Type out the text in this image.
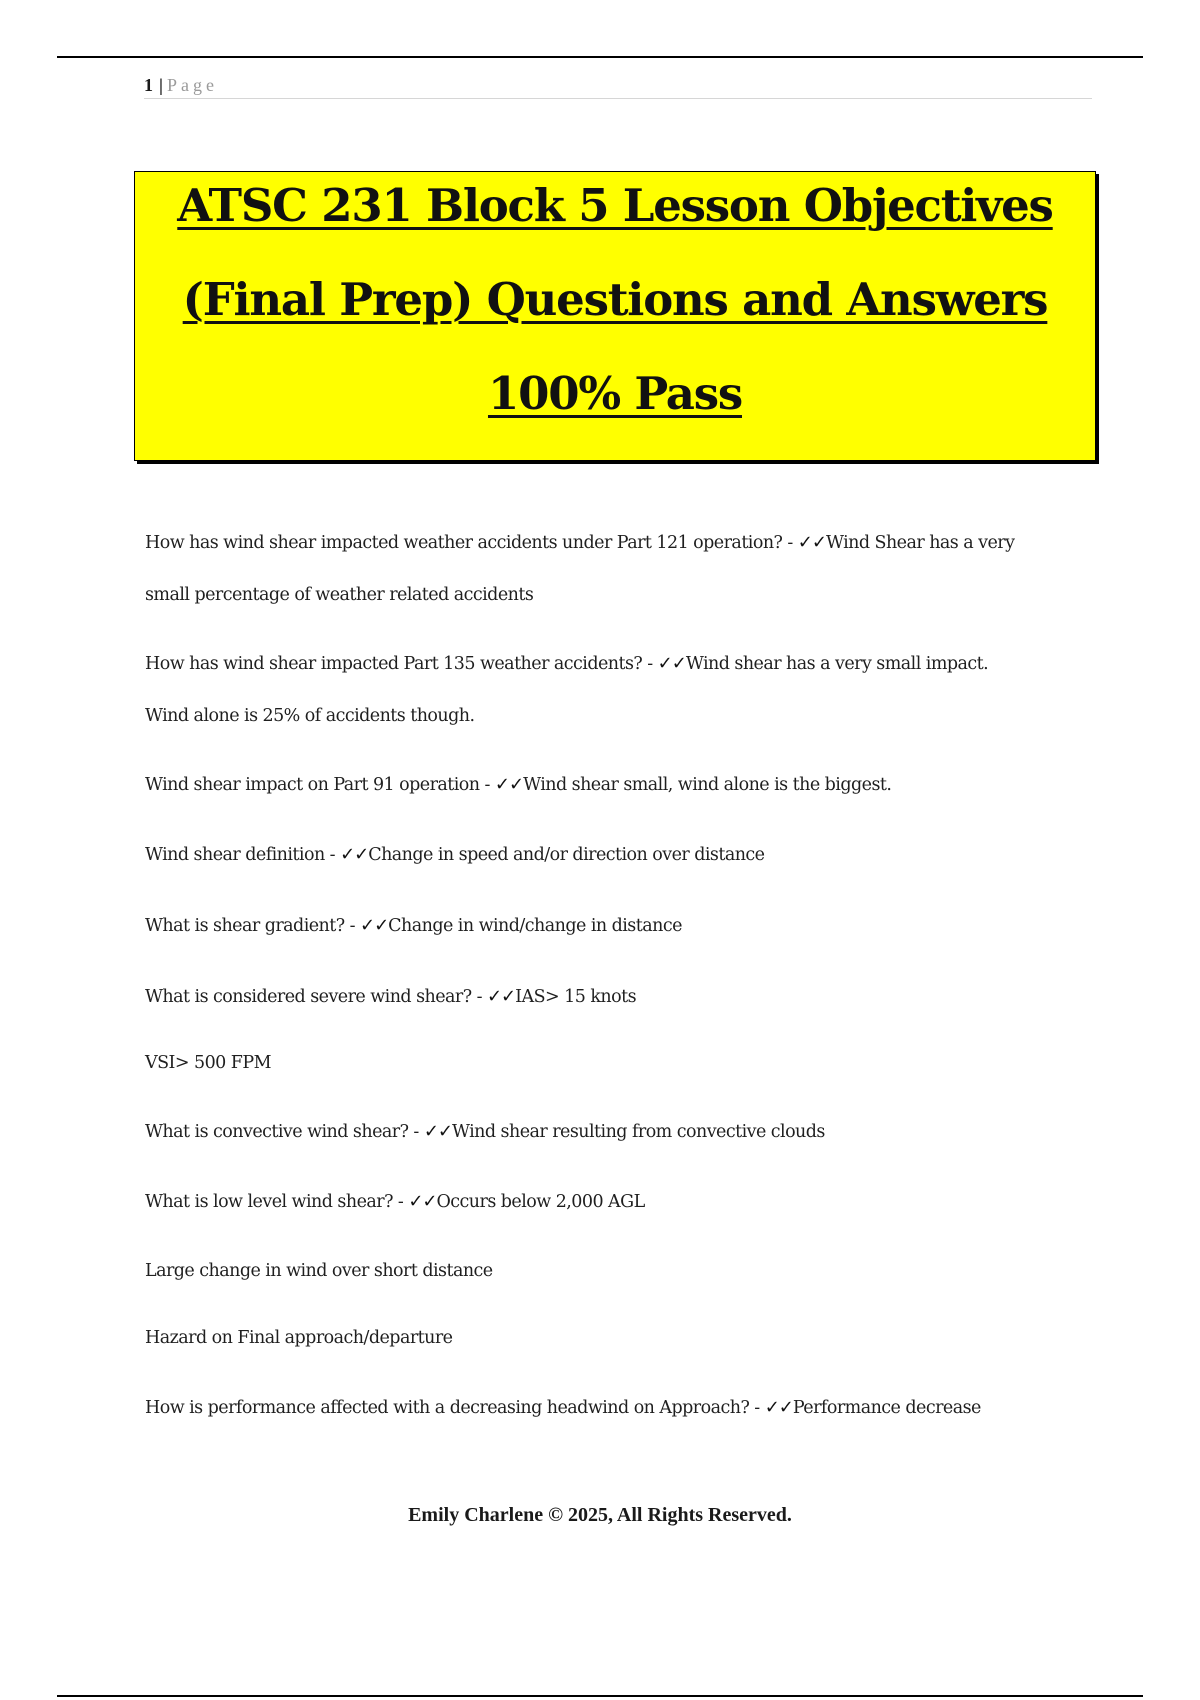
1 | Page
ATSC 231 Block 5 Lesson Objectives
(Final Prep) Questions and Answers
100% Pass
How has wind shear impacted weather accidents under Part 121 operation? - ✓✓Wind Shear has a very
small percentage of weather related accidents
How has wind shear impacted Part 135 weather accidents? - ✓✓Wind shear has a very small impact.
Wind alone is 25% of accidents though.
Wind shear impact on Part 91 operation - ✓✓Wind shear small, wind alone is the biggest.
Wind shear definition - ✓✓Change in speed and/or direction over distance
What is shear gradient? - ✓✓Change in wind/change in distance
What is considered severe wind shear? - ✓✓IAS> 15 knots
VSI> 500 FPM
What is convective wind shear? - ✓✓Wind shear resulting from convective clouds
What is low level wind shear? - ✓✓Occurs below 2,000 AGL
Large change in wind over short distance
Hazard on Final approach/departure
How is performance affected with a decreasing headwind on Approach? - ✓✓Performance decrease
Emily Charlene © 2025, All Rights Reserved.
